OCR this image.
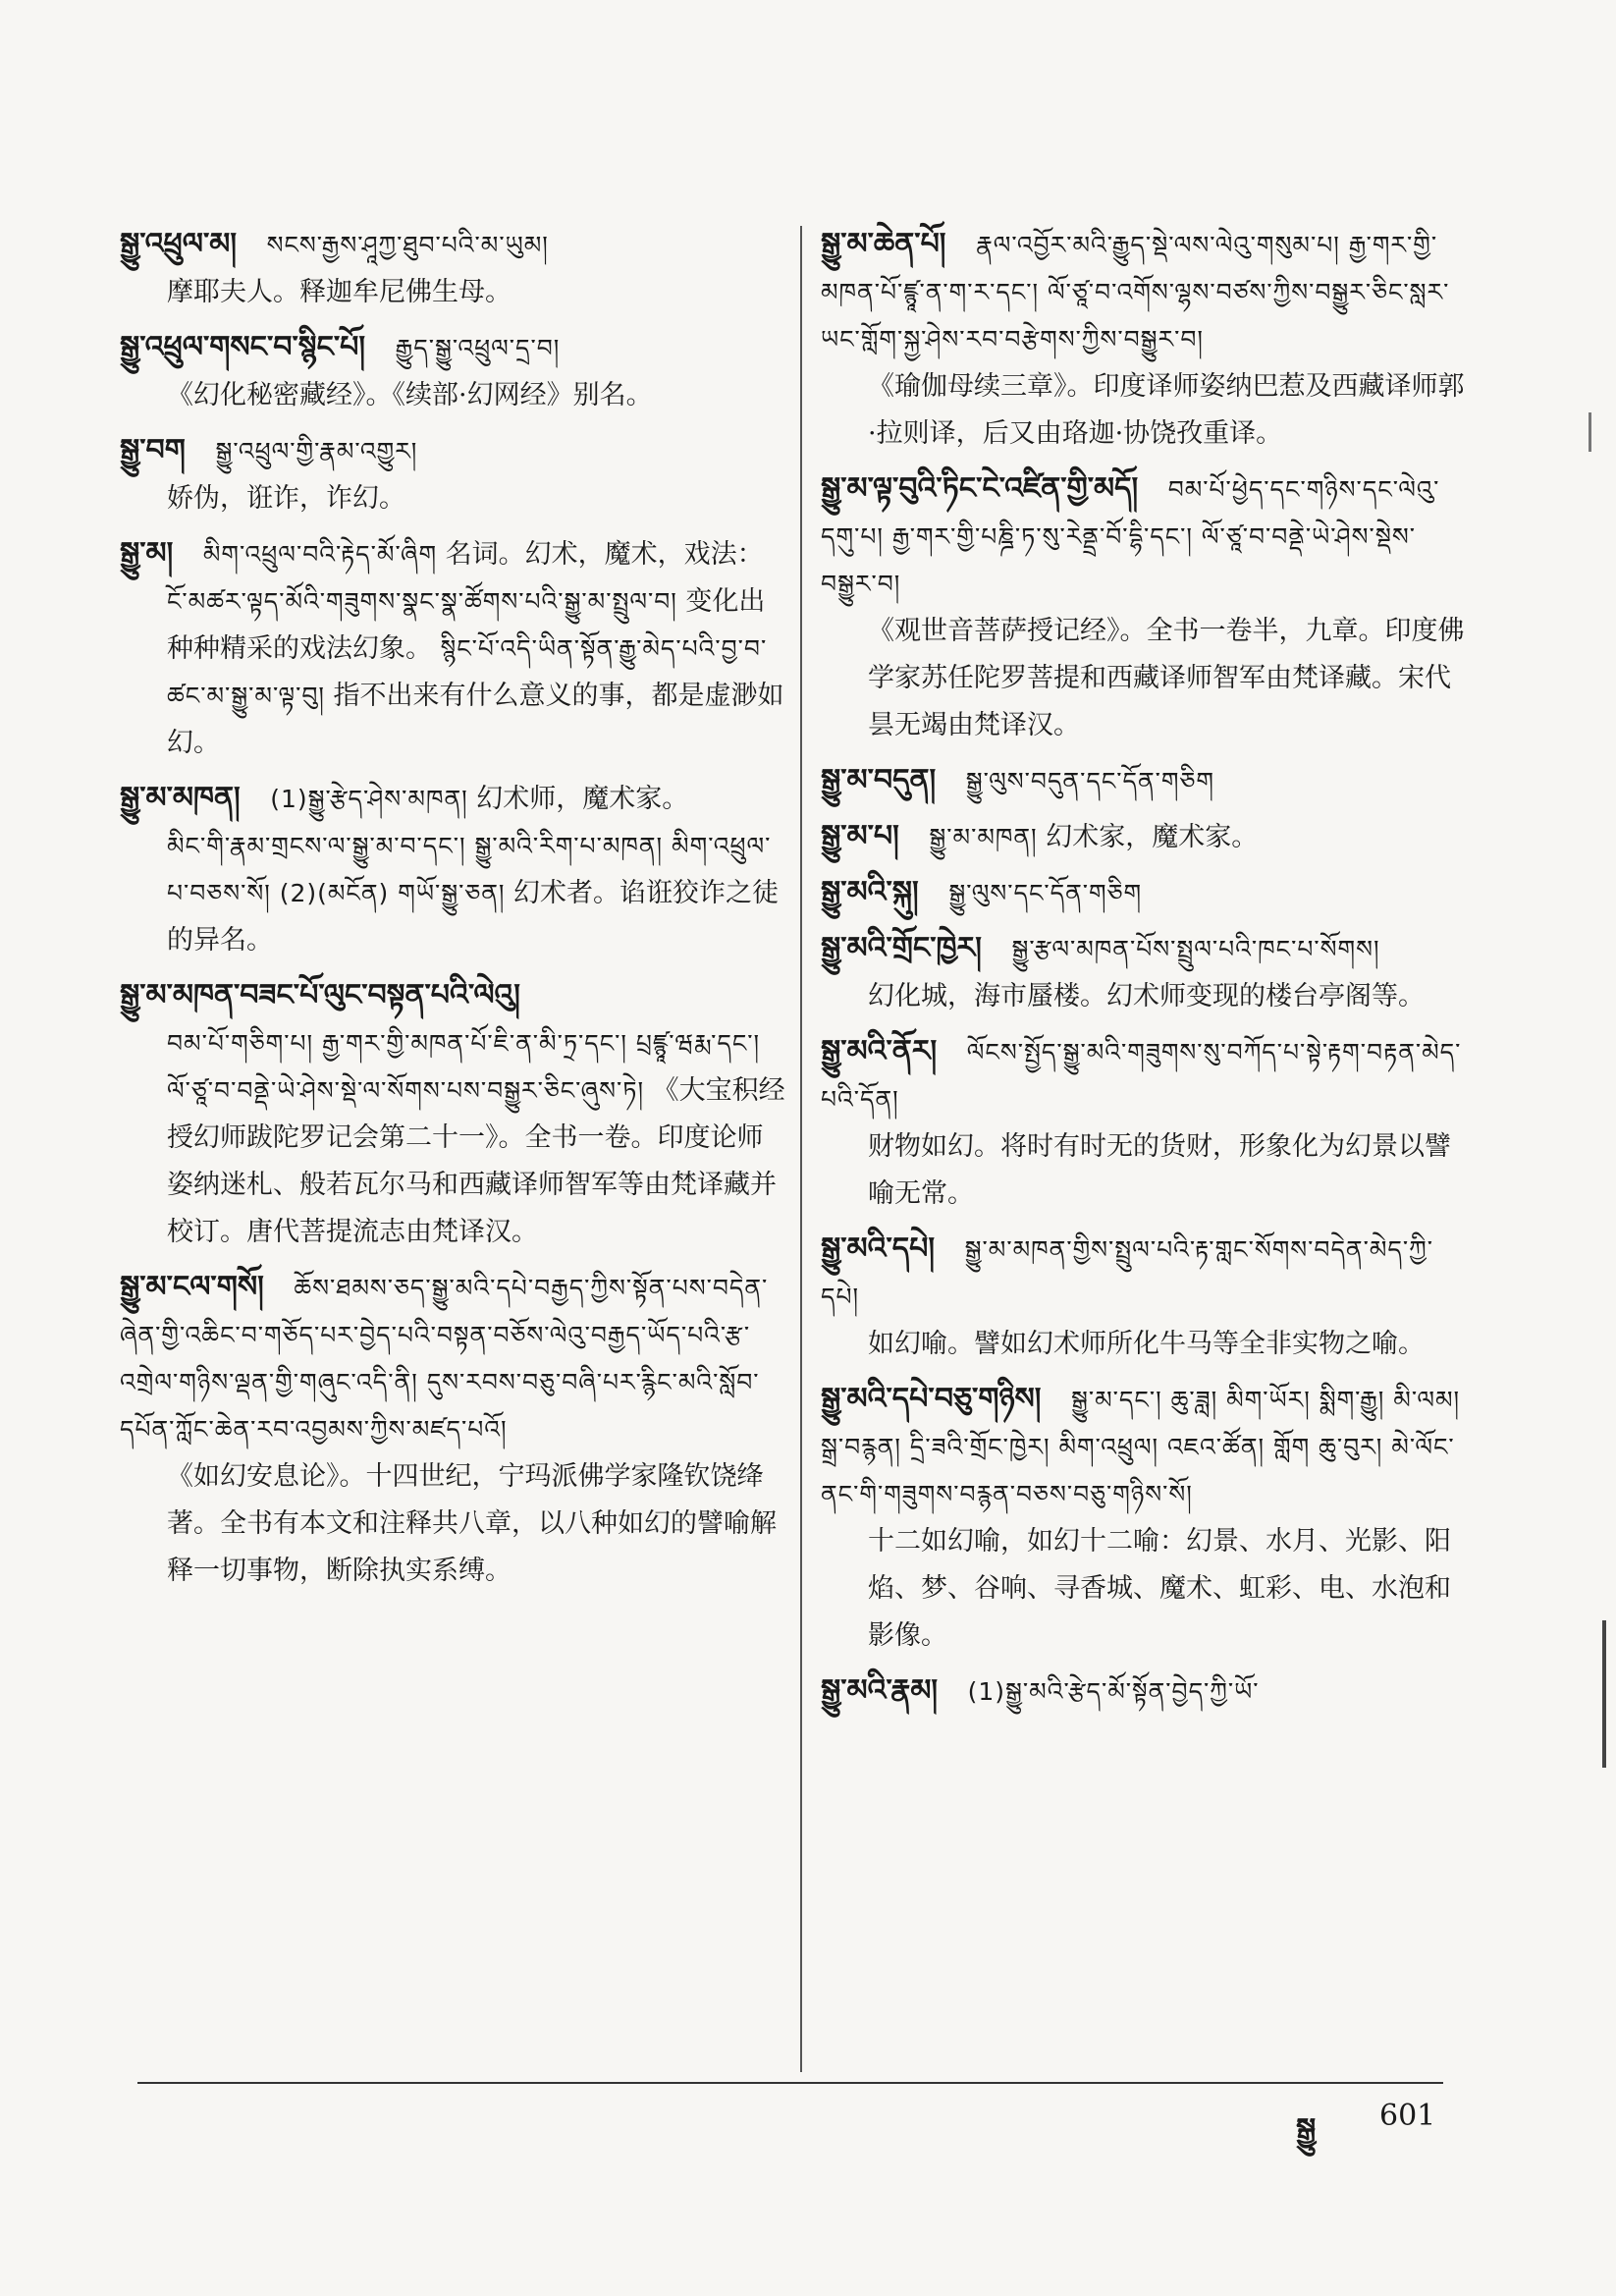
སྒྱུ་འཕྲུལ་མ། སངས་རྒྱས་ཤཱཀྱ་ཐུབ་པའི་མ་ཡུམ།
摩耶夫人。释迦牟尼佛生母。
སྒྱུ་འཕྲུལ་གསང་བ་སྙིང་པོ། རྒྱུད་སྒྱུ་འཕྲུལ་དྲ་བ།
《幻化秘密藏经》。《续部·幻网经》别名。
སྒྱུ་བག སྒྱུ་འཕྲུལ་གྱི་རྣམ་འགྱུར།
娇伪，诳诈，诈幻。
སྒྱུ་མ། མིག་འཕྲུལ་བའི་རྟེད་མོ་ཞིག 名词。幻术，魔术，戏法：
ངོ་མཚར་ལྟད་མོའི་གཟུགས་སྣང་སྣ་ཚོགས་པའི་སྒྱུ་མ་སྤྲུལ་བ། 变化出种种精采的戏法幻象。 སྙིང་པོ་འདི་ཡིན་སྟོན་རྒྱུ་མེད་པའི་བྱ་བ་ཚང་མ་སྒྱུ་མ་ལྟ་བུ། 指不出来有什么意义的事，都是虚渺如幻。
སྒྱུ་མ་མཁན། (1)སྒྱུ་རྩེད་ཤེས་མཁན། 幻术师，魔术家。
མིང་གི་རྣམ་གྲངས་ལ་སྒྱུ་མ་བ་དང་། སྒྱུ་མའི་རིག་པ་མཁན། མིག་འཕྲུལ་པ་བཅས་སོ། (2)(མངོན) གཡོ་སྒྱུ་ཅན། 幻术者。谄诳狡诈之徒的异名。
སྒྱུ་མ་མཁན་བཟང་པོ་ལུང་བསྟན་པའི་ལེའུ།
བམ་པོ་གཅིག་པ། རྒྱ་གར་གྱི་མཁན་པོ་ཇི་ན་མི་ཏྲ་དང་། པྲཛྙཱ་ཝརྨ་དང་། ལོ་ཙཱ་བ་བནྡེ་ཡེ་ཤེས་སྡེ་ལ་སོགས་པས་བསྒྱུར་ཅིང་ཞུས་ཏེ། 《大宝积经授幻师跋陀罗记会第二十一》。全书一卷。印度论师姿纳迷札、般若瓦尔马和西藏译师智军等由梵译藏并校订。唐代菩提流志由梵译汉。
སྒྱུ་མ་ངལ་གསོ། ཆོས་ཐམས་ཅད་སྒྱུ་མའི་དཔེ་བརྒྱད་ཀྱིས་སྟོན་པས་བདེན་ཞེན་གྱི་འཆིང་བ་གཅོད་པར་བྱེད་པའི་བསྟན་བཅོས་ལེའུ་བརྒྱད་ཡོད་པའི་རྩ་འགྲེལ་གཉིས་ལྡན་གྱི་གཞུང་འདི་ནི། དུས་རབས་བཅུ་བཞི་པར་རྙིང་མའི་སློབ་དཔོན་ཀློང་ཆེན་རབ་འབྱམས་ཀྱིས་མཛད་པའོ།
《如幻安息论》。十四世纪，宁玛派佛学家隆钦饶绛著。全书有本文和注释共八章，以八种如幻的譬喻解释一切事物，断除执实系缚。
སྒྱུ་མ་ཆེན་པོ། རྣལ་འབྱོར་མའི་རྒྱུད་སྡེ་ལས་ལེའུ་གསུམ་པ། རྒྱ་གར་གྱི་མཁན་པོ་ཛྙཱ་ན་ག་ར་དང་། ལོ་ཙཱ་བ་འགོས་ལྷས་བཙས་ཀྱིས་བསྒྱུར་ཅིང་སླར་ཡང་གློག་སྐྱ་ཤེས་རབ་བརྩེགས་ཀྱིས་བསྒྱུར་བ།
《瑜伽母续三章》。印度译师姿纳巴惹及西藏译师郭·拉则译，后又由珞迦·协饶孜重译。
སྒྱུ་མ་ལྟ་བུའི་ཏིང་ངེ་འཛིན་གྱི་མདོ། བམ་པོ་ཕྱེད་དང་གཉིས་དང་ལེའུ་དགུ་པ། རྒྱ་གར་གྱི་པཎྜི་ཏ་སུ་རེནྡྲ་བོ་དྷི་དང་། ལོ་ཙཱ་བ་བནྡེ་ཡེ་ཤེས་སྡེས་བསྒྱུར་བ།
《观世音菩萨授记经》。全书一卷半，九章。印度佛学家苏任陀罗菩提和西藏译师智军由梵译藏。宋代昙无竭由梵译汉。
སྒྱུ་མ་བདུན། སྒྱུ་ལུས་བདུན་དང་དོན་གཅིག
སྒྱུ་མ་པ། སྒྱུ་མ་མཁན། 幻术家，魔术家。
སྒྱུ་མའི་སྐུ། སྒྱུ་ལུས་དང་དོན་གཅིག
སྒྱུ་མའི་གྲོང་ཁྱེར། སྒྱུ་རྩལ་མཁན་པོས་སྤྲུལ་པའི་ཁང་པ་སོགས།
幻化城，海市蜃楼。幻术师变现的楼台亭阁等。
སྒྱུ་མའི་ནོར། ལོངས་སྤྱོད་སྒྱུ་མའི་གཟུགས་སུ་བཀོད་པ་སྟེ་རྟག་བརྟན་མེད་པའི་དོན།
财物如幻。将时有时无的货财，形象化为幻景以譬喻无常。
སྒྱུ་མའི་དཔེ། སྒྱུ་མ་མཁན་གྱིས་སྤྲུལ་པའི་རྟ་གླང་སོགས་བདེན་མེད་ཀྱི་དཔེ།
如幻喻。譬如幻术师所化牛马等全非实物之喻。
སྒྱུ་མའི་དཔེ་བཅུ་གཉིས། སྒྱུ་མ་དང་། ཆུ་ཟླ། མིག་ཡོར། སྨིག་རྒྱུ། མི་ལམ། སྒྲ་བརྙན། དྲི་ཟའི་གྲོང་ཁྱེར། མིག་འཕྲུལ། འཇའ་ཚོན། གློག ཆུ་བུར། མེ་ལོང་ནང་གི་གཟུགས་བརྙན་བཅས་བཅུ་གཉིས་སོ།
十二如幻喻，如幻十二喻：幻景、水月、光影、阳焰、梦、谷响、寻香城、魔术、虹彩、电、水泡和影像。
སྒྱུ་མའི་རྣམ། (1)སྒྱུ་མའི་རྩེད་མོ་སྟོན་བྱེད་ཀྱི་ཡོ་
སྒྱུ 601
